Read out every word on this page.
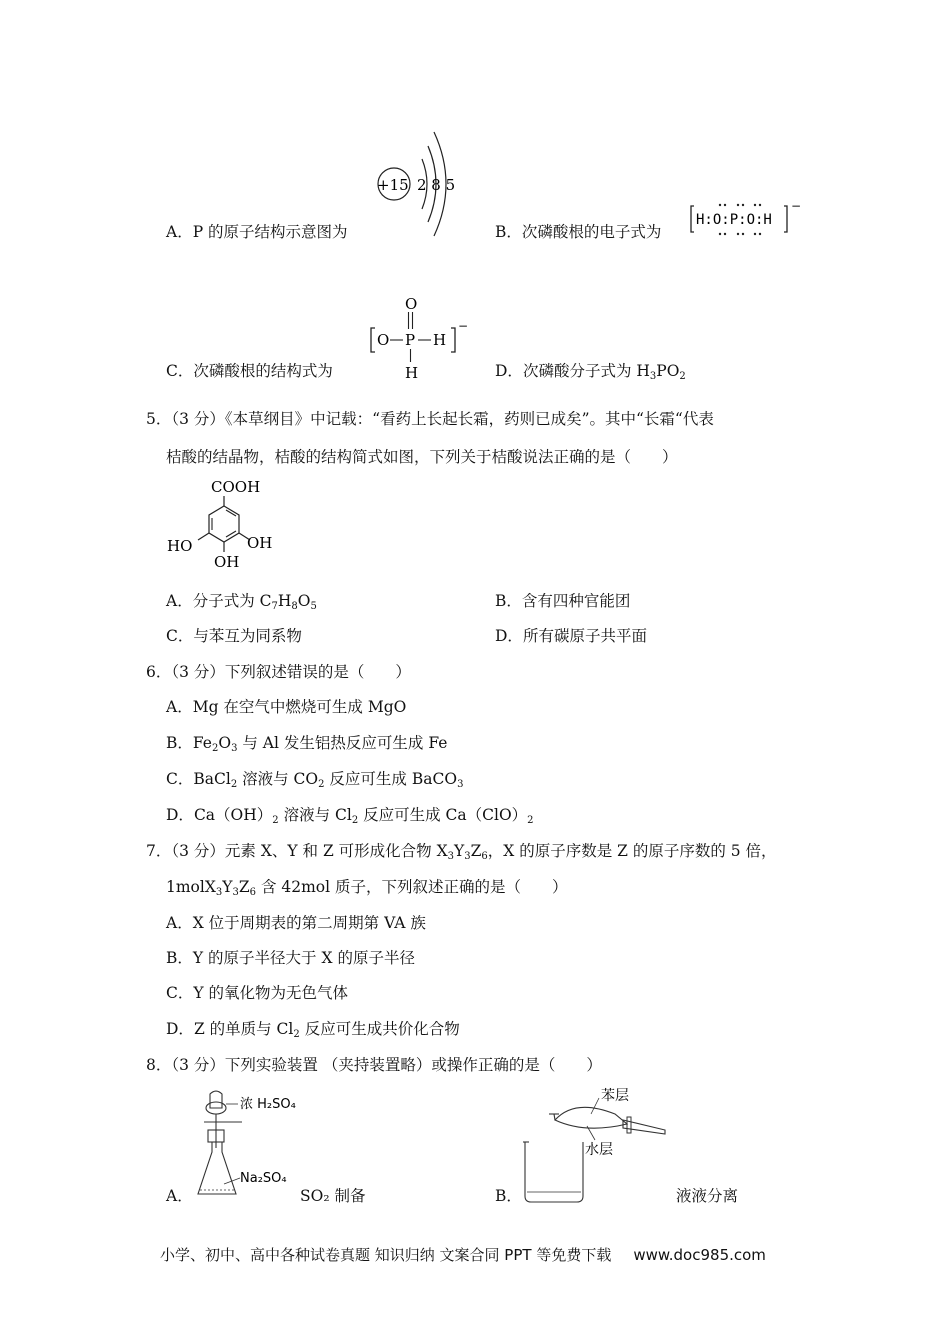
+15 2 8 5
A．P 的原子结构示意图为	B．次磷酸根的电子式为
H:O:P:O:H
−
O
O P H
H
−
C．次磷酸根的结构式为	D．次磷酸分子式为 $H_3PO_2$
5．（3 分）《本草纲目》中记载：“看药上长起长霜，药则已成矣”。其中“长霜“代表
桔酸的结晶物，桔酸的结构简式如图，下列关于桔酸说法正确的是（　　）
COOH
HO	OH
OH
A．分子式为 $C_7H_8O_5$	B．含有四种官能团
C．与苯互为同系物	D．所有碳原子共平面
6．（3 分）下列叙述错误的是（　　）
A．Mg 在空气中燃烧可生成 MgO
B．$Fe_2O_3$ 与 Al 发生铝热反应可生成 Fe
C．BaCl$_2$ 溶液与 $CO_2$ 反应可生成 BaCO$_3$
D．$Ca(OH)_2$ 溶液与 $Cl_2$ 反应可生成 $Ca(ClO)_2$
7．（3 分）元素 X、Y 和 Z 可形成化合物 $X_3Y_3Z_6$，X 的原子序数是 Z 的原子序数的 5 倍，
$1molX_3Y_3Z_6$ 含 42mol 质子，下列叙述正确的是（　　）
A．X 位于周期表的第二周期第 VA 族
B．Y 的原子半径大于 X 的原子半径
C．Y 的氧化物为无色气体
D．Z 的单质与 $Cl_2$ 反应可生成共价化合物
8．（3 分）下列实验装置 （夹持装置略）或操作正确的是（　　）
浓 H₂SO₄
Na₂SO₄
A．	SO₂ 制备
苯层
水层
B．	液液分离
小学、初中、高中各种试卷真题 知识归纳 文案合同 PPT 等免费下载 www.doc985.com
